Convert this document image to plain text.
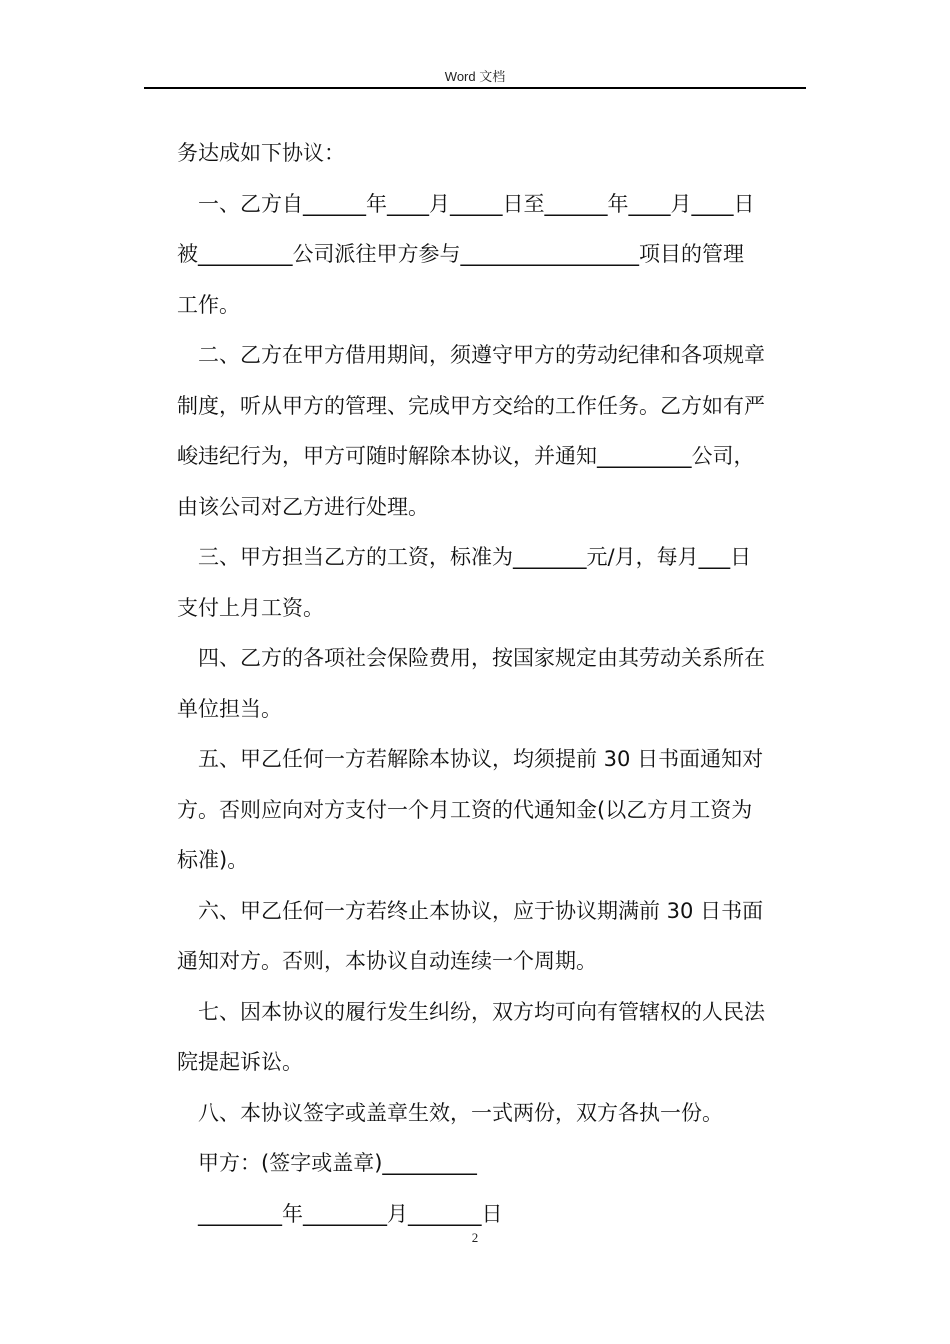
Word 文档
务达成如下协议：
一、乙方自______年____月_____日至______年____月____日
被_________公司派往甲方参与_________________项目的管理
工作。
二、乙方在甲方借用期间，须遵守甲方的劳动纪律和各项规章
制度，听从甲方的管理、完成甲方交给的工作任务。乙方如有严
峻违纪行为，甲方可随时解除本协议，并通知_________公司，
由该公司对乙方进行处理。
三、甲方担当乙方的工资，标准为_______元/月，每月___日
支付上月工资。
四、乙方的各项社会保险费用，按国家规定由其劳动关系所在
单位担当。
五、甲乙任何一方若解除本协议，均须提前 30 日书面通知对
方。否则应向对方支付一个月工资的代通知金(以乙方月工资为
标准)。
六、甲乙任何一方若终止本协议，应于协议期满前 30 日书面
通知对方。否则，本协议自动连续一个周期。
七、因本协议的履行发生纠纷，双方均可向有管辖权的人民法
院提起诉讼。
八、本协议签字或盖章生效，一式两份，双方各执一份。
甲方：(签字或盖章)_________
________年________月_______日
2
